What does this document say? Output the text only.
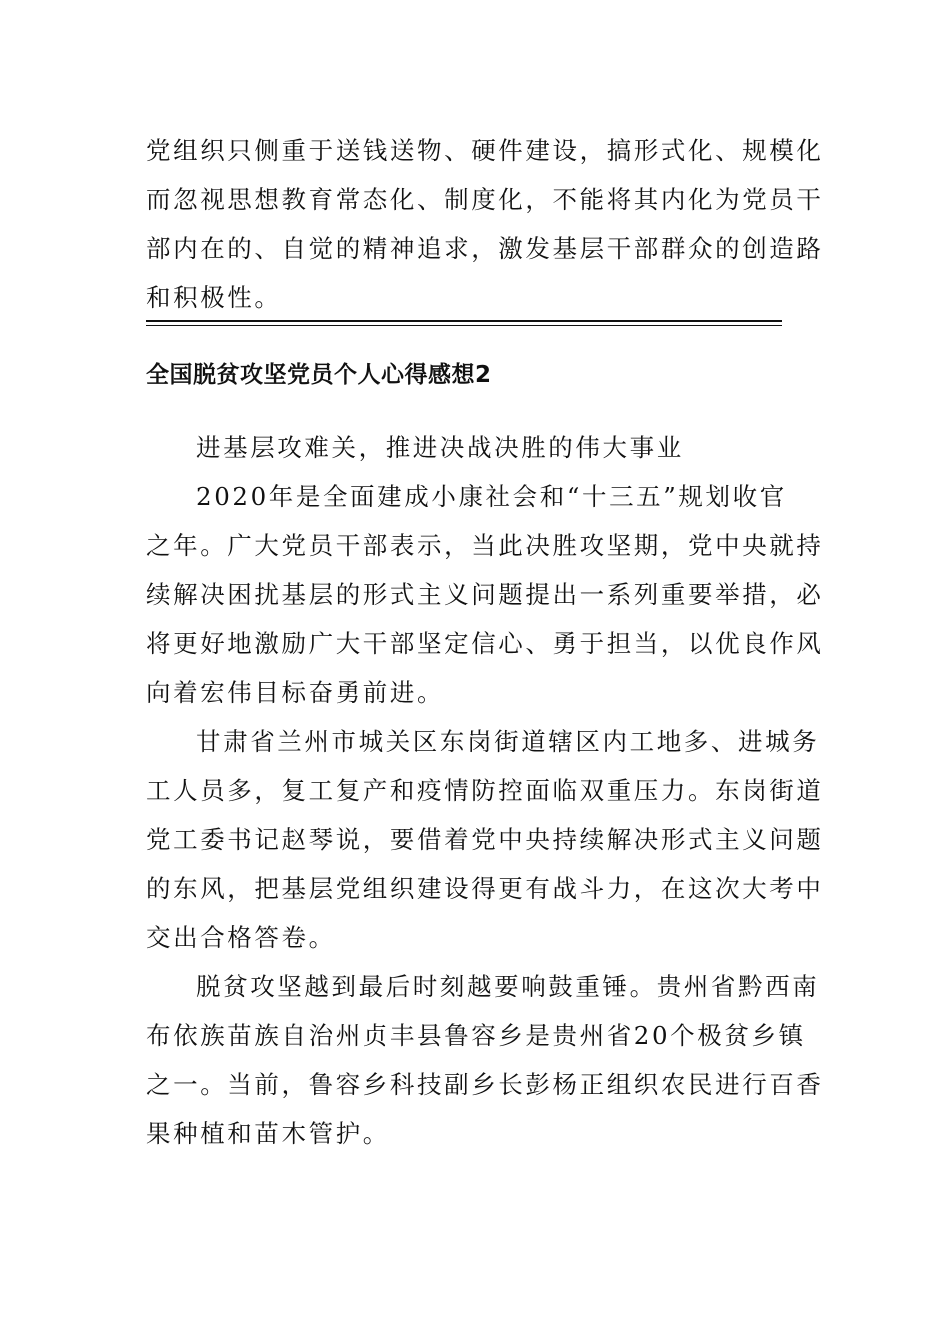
党组织只侧重于送钱送物、硬件建设，搞形式化、规模化
而忽视思想教育常态化、制度化，不能将其内化为党员干
部内在的、自觉的精神追求，激发基层干部群众的创造路
和积极性。
全国脱贫攻坚党员个人心得感想2
进基层攻难关，推进决战决胜的伟大事业
2020年是全面建成小康社会和“十三五”规划收官
之年。广大党员干部表示，当此决胜攻坚期，党中央就持
续解决困扰基层的形式主义问题提出一系列重要举措，必
将更好地激励广大干部坚定信心、勇于担当，以优良作风
向着宏伟目标奋勇前进。
甘肃省兰州市城关区东岗街道辖区内工地多、进城务
工人员多，复工复产和疫情防控面临双重压力。东岗街道
党工委书记赵琴说，要借着党中央持续解决形式主义问题
的东风，把基层党组织建设得更有战斗力，在这次大考中
交出合格答卷。
脱贫攻坚越到最后时刻越要响鼓重锤。贵州省黔西南
布依族苗族自治州贞丰县鲁容乡是贵州省20个极贫乡镇
之一。当前，鲁容乡科技副乡长彭杨正组织农民进行百香
果种植和苗木管护。
